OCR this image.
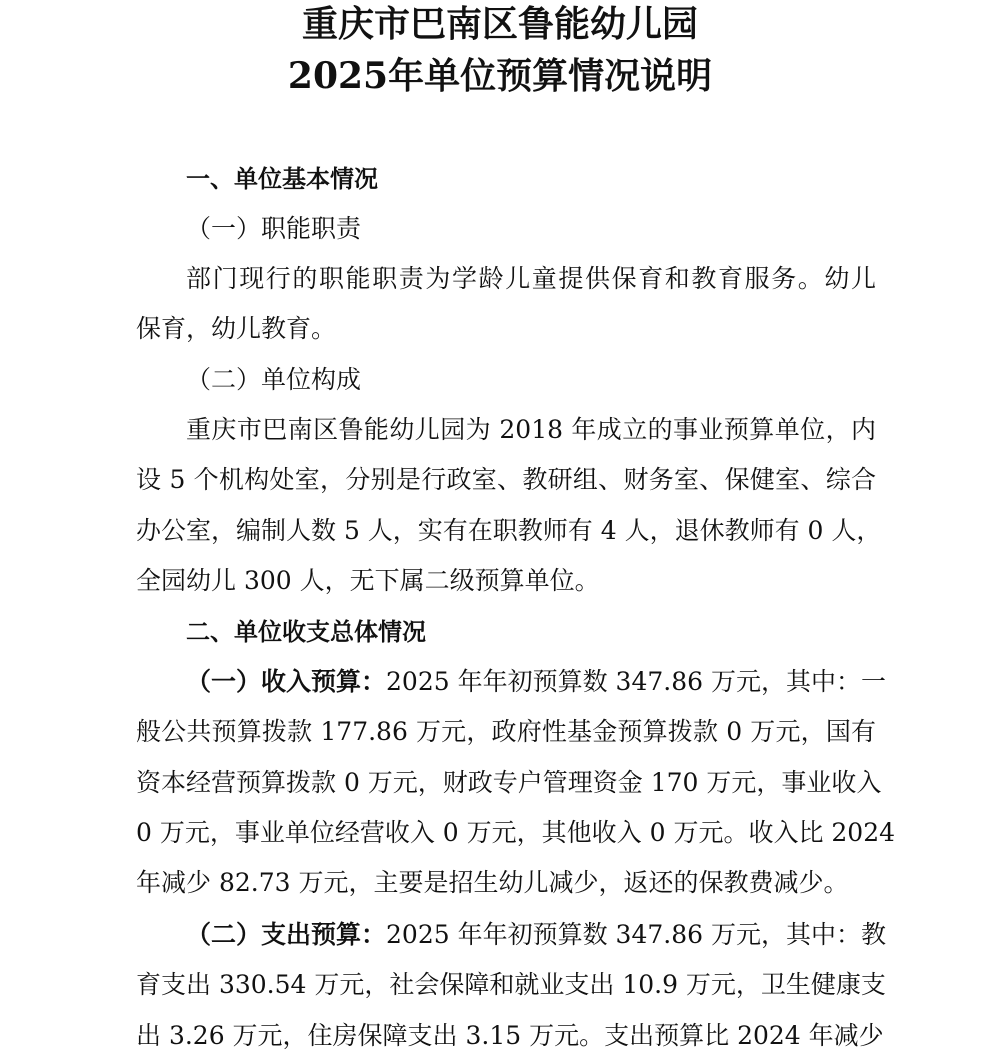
重庆市巴南区鲁能幼儿园
2025年单位预算情况说明
一、单位基本情况
（一）职能职责
部门现行的职能职责为学龄儿童提供保育和教育服务。幼儿
保育，幼儿教育。
（二）单位构成
重庆市巴南区鲁能幼儿园为 2018 年成立的事业预算单位，内
设 5 个机构处室，分别是行政室、教研组、财务室、保健室、综合
办公室，编制人数 5 人，实有在职教师有 4 人，退休教师有 0 人，
全园幼儿 300 人，无下属二级预算单位。
二、单位收支总体情况
（一）收入预算： 2025 年年初预算数 347.86 万元，其中：一
般公共预算拨款 177.86 万元，政府性基金预算拨款 0 万元，国有
资本经营预算拨款 0 万元，财政专户管理资金 170 万元，事业收入
0 万元，事业单位经营收入 0 万元，其他收入 0 万元。收入比 2024
年减少 82.73 万元，主要是招生幼儿减少，返还的保教费减少。
（二）支出预算： 2025 年年初预算数 347.86 万元，其中：教
育支出 330.54 万元，社会保障和就业支出 10.9 万元，卫生健康支
出 3.26 万元，住房保障支出 3.15 万元。支出预算比 2024 年减少
